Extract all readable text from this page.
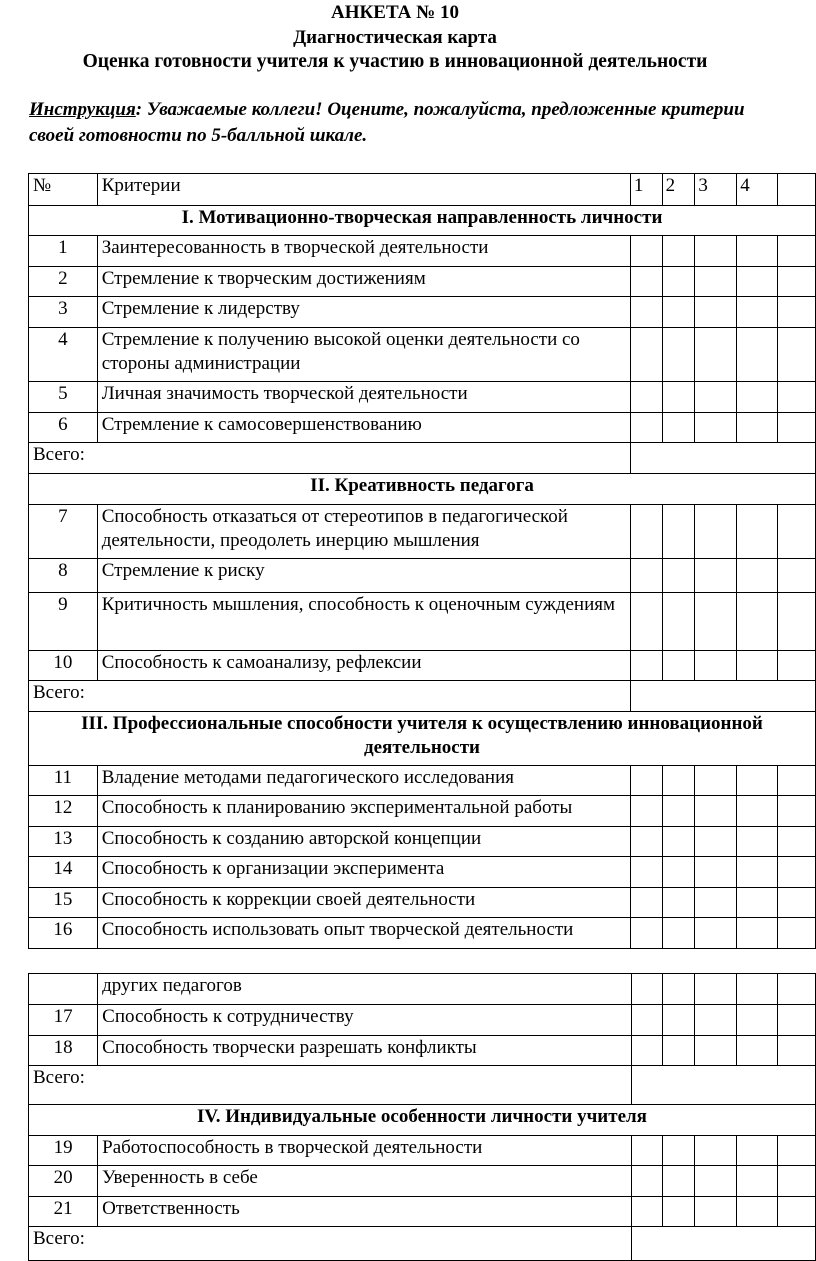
АНКЕТА № 10
Диагностическая карта
Оценка готовности учителя к участию в инновационной деятельности
Инструкция: Уважаемые коллеги! Оцените, пожалуйста, предложенные критерии своей готовности по 5-балльной шкале.
№	Критерии	1	2	3	4	
I. Мотивационно-творческая направленность личности						
1	Заинтересованность в творческой деятельности					
2	Стремление к творческим достижениям					
3	Стремление к лидерству					
4	Стремление к получению высокой оценки деятельности со стороны администрации					
5	Личная значимость творческой деятельности					
6	Стремление к самосовершенствованию					
Всего:						
II. Креативность педагога						
7	Способность отказаться от стереотипов в педагогической деятельности, преодолеть инерцию мышления					
8	Стремление к риску					
9	Критичность мышления, способность к оценочным суждениям					
10	Способность к самоанализу, рефлексии					
Всего:						
III. Профессиональные способности учителя к осуществлению инновационной деятельности						
11	Владение методами педагогического исследования					
12	Способность к планированию экспериментальной работы					
13	Способность к созданию авторской концепции					
14	Способность к организации эксперимента					
15	Способность к коррекции своей деятельности					
16	Способность использовать опыт творческой деятельности					
	других педагогов					
17	Способность к сотрудничеству					
18	Способность творчески разрешать конфликты					
Всего:						
IV. Индивидуальные особенности личности учителя						
19	Работоспособность в творческой деятельности					
20	Уверенность в себе					
21	Ответственность					
Всего:						
